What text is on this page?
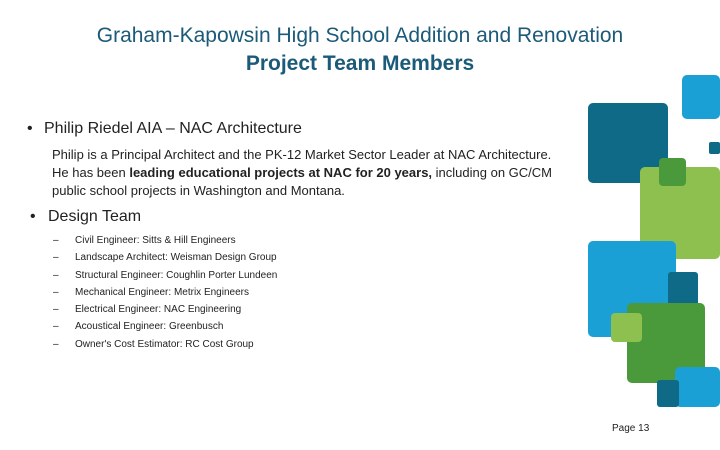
Graham-Kapowsin High School Addition and Renovation
Project Team Members
• Philip Riedel AIA – NAC Architecture
Philip is a Principal Architect and the PK-12 Market Sector Leader at NAC Architecture. He has been leading educational projects at NAC for 20 years, including on GC/CM public school projects in Washington and Montana.
• Design Team
– Civil Engineer: Sitts & Hill Engineers
– Landscape Architect: Weisman Design Group
– Structural Engineer: Coughlin Porter Lundeen
– Mechanical Engineer: Metrix Engineers
– Electrical Engineer: NAC Engineering
– Acoustical Engineer: Greenbusch
– Owner's Cost Estimator: RC Cost Group
Page 13
